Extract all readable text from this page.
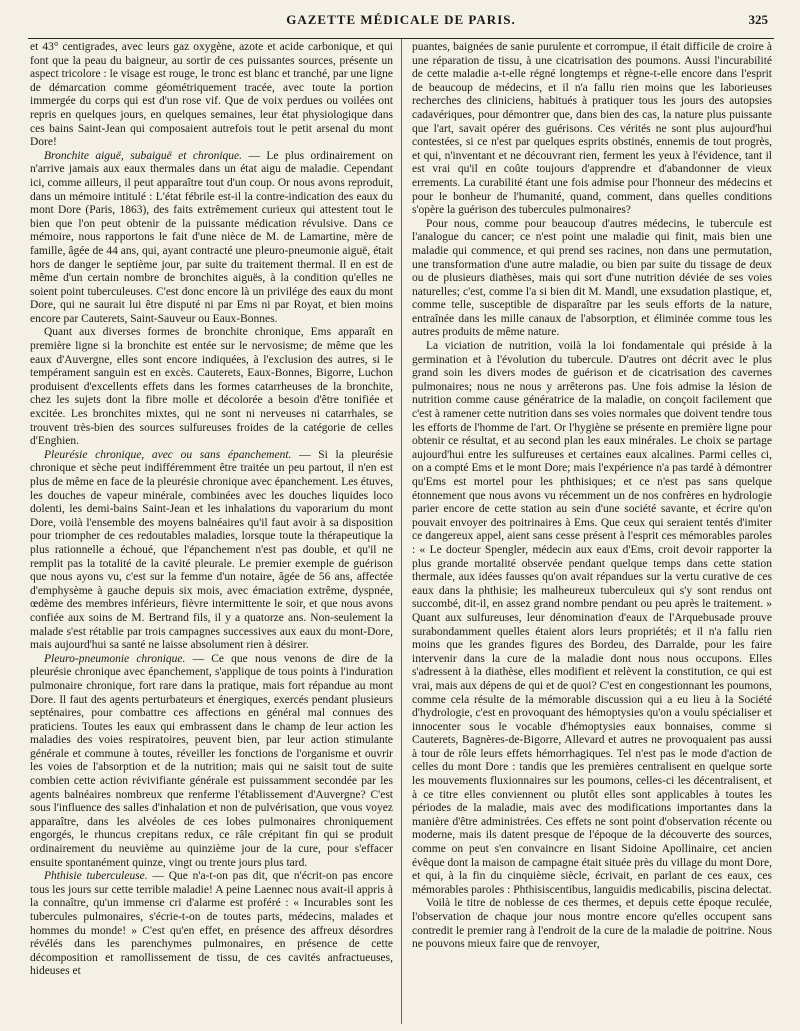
GAZETTE MÉDICALE DE PARIS.	325

et 43° centigrades, avec leurs gaz oxygène, azote et acide carbonique, et qui font que la peau du baigneur, au sortir de ces puissantes sources, présente un aspect tricolore : le visage est rouge, le tronc est blanc et tranché, par une ligne de démarcation comme géométriquement tracée, avec toute la portion immergée du corps qui est d'un rose vif. Que de voix perdues ou voilées ont repris en quelques jours, en quelques semaines, leur état physiologique dans ces bains Saint-Jean qui composaient autrefois tout le petit arsenal du mont Dore!

Bronchite aiguë, subaiguë et chronique. — Le plus ordinairement on n'arrive jamais aux eaux thermales dans un état aigu de maladie. Cependant ici, comme ailleurs, il peut apparaître tout d'un coup. Or nous avons reproduit, dans un mémoire intitulé : L'état fébrile est-il la contre-indication des eaux du mont Dore (Paris, 1863), des faits extrêmement curieux qui attestent tout le bien que l'on peut obtenir de la puissante médication révulsive. Dans ce mémoire, nous rapportons le fait d'une nièce de M. de Lamartine, mère de famille, âgée de 44 ans, qui, ayant contracté une pleuro-pneumonie aiguë, était hors de danger le septième jour, par suite du traitement thermal. Il en est de même d'un certain nombre de bronchites aiguës, à la condition qu'elles ne soient point tuberculeuses. C'est donc encore là un privilége des eaux du mont Dore, qui ne saurait lui être disputé ni par Ems ni par Royat, et bien moins encore par Cauterets, Saint-Sauveur ou Eaux-Bonnes.

Quant aux diverses formes de bronchite chronique, Ems apparaît en première ligne si la bronchite est entée sur le nervosisme; de même que les eaux d'Auvergne, elles sont encore indiquées, à l'exclusion des autres, si le tempérament sanguin est en excès. Cauterets, Eaux-Bonnes, Bigorre, Luchon produisent d'excellents effets dans les formes catarrheuses de la bronchite, chez les sujets dont la fibre molle et décolorée a besoin d'être tonifiée et excitée. Les bronchites mixtes, qui ne sont ni nerveuses ni catarrhales, se trouvent très-bien des sources sulfureuses froides de la catégorie de celles d'Enghien.

Pleurésie chronique, avec ou sans épanchement. — Si la pleurésie chronique et sèche peut indifféremment être traitée un peu partout, il n'en est plus de même en face de la pleurésie chronique avec épanchement. Les étuves, les douches de vapeur minérale, combinées avec les douches liquides loco dolenti, les demi-bains Saint-Jean et les inhalations du vaporarium du mont Dore, voilà l'ensemble des moyens balnéaires qu'il faut avoir à sa disposition pour triompher de ces redoutables maladies, lorsque toute la thérapeutique la plus rationnelle a échoué, que l'épanchement n'est pas double, et qu'il ne remplit pas la totalité de la cavité pleurale. Le premier exemple de guérison que nous ayons vu, c'est sur la femme d'un notaire, âgée de 56 ans, affectée d'emphysème à gauche depuis six mois, avec émaciation extrême, dyspnée, œdème des membres inférieurs, fièvre intermittente le soir, et que nous avons confiée aux soins de M. Bertrand fils, il y a quatorze ans. Non-seulement la malade s'est rétablie par trois campagnes successives aux eaux du mont-Dore, mais aujourd'hui sa santé ne laisse absolument rien à désirer.

Pleuro-pneumonie chronique. — Ce que nous venons de dire de la pleurésie chronique avec épanchement, s'applique de tous points à l'induration pulmonaire chronique, fort rare dans la pratique, mais fort répandue au mont Dore. Il faut des agents perturbateurs et énergiques, exercés pendant plusieurs septénaires, pour combattre ces affections en général mal connues des praticiens. Toutes les eaux qui embrassent dans le champ de leur action les maladies des voies respiratoires, peuvent bien, par leur action stimulante générale et commune à toutes, réveiller les fonctions de l'organisme et ouvrir les voies de l'absorption et de la nutrition; mais qui ne saisit tout de suite combien cette action révivifiante générale est puissamment secondée par les agents balnéaires nombreux que renferme l'établissement d'Auvergne? C'est sous l'influence des salles d'inhalation et non de pulvérisation, que vous voyez apparaître, dans les alvéoles de ces lobes pulmonaires chroniquement engorgés, le rhuncus crepitans redux, ce râle crépitant fin qui se produit ordinairement du neuvième au quinzième jour de la cure, pour s'effacer ensuite spontanément quinze, vingt ou trente jours plus tard.

Phthisie tuberculeuse. — Que n'a-t-on pas dit, que n'écrit-on pas encore tous les jours sur cette terrible maladie! A peine Laennec nous avait-il appris à la connaître, qu'un immense cri d'alarme est proféré : « Incurables sont les tubercules pulmonaires, s'écrie-t-on de toutes parts, médecins, malades et hommes du monde! » C'est qu'en effet, en présence des affreux désordres révélés dans les parenchymes pulmonaires, en présence de cette décomposition et ramollissement de tissu, de ces cavités anfractueuses, hideuses et

puantes, baignées de sanie purulente et corrompue, il était difficile de croire à une réparation de tissu, à une cicatrisation des poumons. Aussi l'incurabilité de cette maladie a-t-elle régné longtemps et règne-t-elle encore dans l'esprit de beaucoup de médecins, et il n'a fallu rien moins que les laborieuses recherches des cliniciens, habitués à pratiquer tous les jours des autopsies cadavériques, pour démontrer que, dans bien des cas, la nature plus puissante que l'art, savait opérer des guérisons. Ces vérités ne sont plus aujourd'hui contestées, si ce n'est par quelques esprits obstinés, ennemis de tout progrès, et qui, n'inventant et ne découvrant rien, ferment les yeux à l'évidence, tant il est vrai qu'il en coûte toujours d'apprendre et d'abandonner de vieux errements. La curabilité étant une fois admise pour l'honneur des médecins et pour le bonheur de l'humanité, quand, comment, dans quelles conditions s'opère la guérison des tubercules pulmonaires?

Pour nous, comme pour beaucoup d'autres médecins, le tubercule est l'analogue du cancer; ce n'est point une maladie qui finit, mais bien une maladie qui commence, et qui prend ses racines, non dans une permutation, une transformation d'une autre maladie, ou bien par suite du tissage de deux ou de plusieurs diathèses, mais qui sort d'une nutrition déviée de ses voies naturelles; c'est, comme l'a si bien dit M. Mandl, une exsudation plastique, et, comme telle, susceptible de disparaître par les seuls efforts de la nature, entraînée dans les mille canaux de l'absorption, et éliminée comme tous les autres produits de même nature.

La viciation de nutrition, voilà la loi fondamentale qui préside à la germination et à l'évolution du tubercule. D'autres ont décrit avec le plus grand soin les divers modes de guérison et de cicatrisation des cavernes pulmonaires; nous ne nous y arrêterons pas. Une fois admise la lésion de nutrition comme cause génératrice de la maladie, on conçoit facilement que c'est à ramener cette nutrition dans ses voies normales que doivent tendre tous les efforts de l'homme de l'art. Or l'hygiène se présente en première ligne pour obtenir ce résultat, et au second plan les eaux minérales. Le choix se partage aujourd'hui entre les sulfureuses et certaines eaux alcalines. Parmi celles ci, on a compté Ems et le mont Dore; mais l'expérience n'a pas tardé à démontrer qu'Ems est mortel pour les phthisiques; et ce n'est pas sans quelque étonnement que nous avons vu récemment un de nos confrères en hydrologie parier encore de cette station au sein d'une société savante, et écrire qu'on pouvait envoyer des poitrinaires à Ems. Que ceux qui seraient tentés d'imiter ce dangereux appel, aient sans cesse présent à l'esprit ces mémorables paroles : « Le docteur Spengler, médecin aux eaux d'Ems, croit devoir rapporter la plus grande mortalité observée pendant quelque temps dans cette station thermale, aux idées fausses qu'on avait répandues sur la vertu curative de ces eaux dans la phthisie; les malheureux tuberculeux qui s'y sont rendus ont succombé, dit-il, en assez grand nombre pendant ou peu après le traitement. » Quant aux sulfureuses, leur dénomination d'eaux de l'Arquebusade prouve surabondamment quelles étaient alors leurs propriétés; et il n'a fallu rien moins que les grandes figures des Bordeu, des Darralde, pour les faire intervenir dans la cure de la maladie dont nous nous occupons. Elles s'adressent à la diathèse, elles modifient et relèvent la constitution, ce qui est vrai, mais aux dépens de qui et de quoi? C'est en congestionnant les poumons, comme cela résulte de la mémorable discussion qui a eu lieu à la Société d'hydrologie, c'est en provoquant des hémoptysies qu'on a voulu spécialiser et innocenter sous le vocable d'hémoptysies eaux bonnaises, comme si Cauterets, Bagnères-de-Bigorre, Allevard et autres ne provoquaient pas aussi à tour de rôle leurs effets hémorrhagiques. Tel n'est pas le mode d'action de celles du mont Dore : tandis que les premières centralisent en quelque sorte les mouvements fluxionnaires sur les poumons, celles-ci les décentralisent, et à ce titre elles conviennent ou plutôt elles sont applicables à toutes les périodes de la maladie, mais avec des modifications importantes dans la manière d'être administrées. Ces effets ne sont point d'observation récente ou moderne, mais ils datent presque de l'époque de la découverte des sources, comme on peut s'en convaincre en lisant Sidoine Apollinaire, cet ancien évêque dont la maison de campagne était située près du village du mont Dore, et qui, à la fin du cinquième siècle, écrivait, en parlant de ces eaux, ces mémorables paroles : Phthisiscentibus, languidis medicabilis, piscina delectat.

Voilà le titre de noblesse de ces thermes, et depuis cette époque reculée, l'observation de chaque jour nous montre encore qu'elles occupent sans contredit le premier rang à l'endroit de la cure de la maladie de poitrine. Nous ne pouvons mieux faire que de renvoyer,
